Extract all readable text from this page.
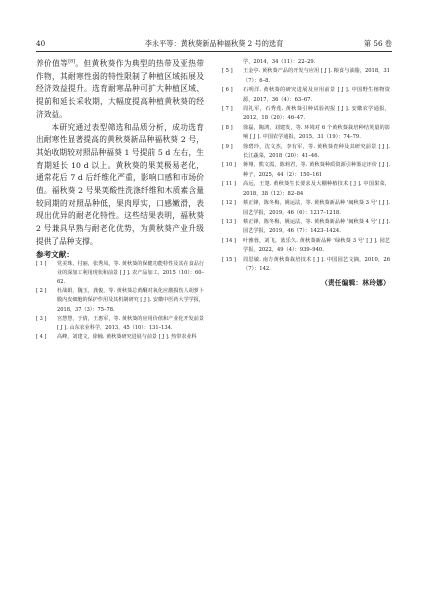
40	李永平等：黄秋葵新品种福秋葵 2 号的选育	第 56 卷

养价值等[8]。但黄秋葵作为典型的热带及亚热带作物，其耐寒性弱的特性限制了种植区域拓展及经济效益提升。选育耐寒品种可扩大种植区域、提前和延长采收期，大幅度提高种植黄秋葵的经济效益。

本研究通过表型筛选和品质分析，成功选育出耐寒性显著提高的黄秋葵新品种福秋葵 2 号，其始收期较对照品种福葵 1 号提前 5 d 左右，生育期延长 10 d 以上。黄秋葵的果荚极易老化，通常花后 7 d 后纤维化严重，影响口感和市场价值。福秋葵 2 号果荚酸性洗涤纤维和木质素含量较同期的对照品种低，果肉厚实，口感嫩滑，表现出优异的耐老化特性。这些结果表明，福秋葵 2 号兼具早熟与耐老化优势，为黄秋葵产业升级提供了品种支撑。

参考文献：

[ 1 ] 党美珠，付丽，张秀凤，等. 黄秋葵的保健功能特性及其在食品行业的深加工利用现状和前景 [ J ]. 农产品加工，2015（10）：60–62.
[ 2 ] 杜战娟，魏玉，龚俊，等. 黄秋葵总黄酮对氧化应激损伤人胡萝卜膜内皮细胞的保护作用及其机制研究 [ J ]. 安徽中医药大学学报，2018，37（3）：75–78.
[ 3 ] 宫慧慧，于倩，王惠军，等. 黄秋葵的应用价值和产业化开发前景 [ J ]. 山东农业科学，2013，45（10）：131–134.
[ 4 ] 高峰，刘建文，徐楠. 黄秋葵研究进展与前景 [ J ]. 热带农业科
学，2014，34（11）：22–29.
[ 5 ] 王金亭. 黄秋葵产品的开发与应用 [ J ]. 粮食与油脂，2018，31（7）：6–8.
[ 6 ] 石明洋. 黄秋葵的研究进展及应用前景 [ J ]. 中国野生植物资源，2017，36（4）：63–67.
[ 7 ] 周礼军，石秀莲. 黄秋葵引种试验初报 [ J ]. 安徽农学通报，2012，18（20）：46–47.
[ 8 ] 徐磊，陶鸿，刘建发，等. 环境对 6 个黄秋葵栽培种结荚量的影响 [ J ]. 中国农学通报，2015，31（19）：74–79.
[ 9 ] 徐碧玲，沈文杰，李有军，等. 黄秋葵育种及其研究前景 [ J ]. 长江蔬菜，2018（20）：41–46.
[ 10 ] 蒋翔，熊文霞，陈莉君，等. 黄秋葵种质资源引种鉴定评价 [ J ]. 种子，2025，44（2）：150–161
[ 11 ] 高远，王楚. 黄秋葵生长要求及大棚种植技术 [ J ]. 中国果菜，2018，38（12）：82–84
[ 12 ] 蔡正锋，陈冬梅，姚运法，等. 黄秋葵新品种 '闽秋葵 3 号' [ J ]. 园艺学报，2019，46（6）：1217–1218.
[ 13 ] 蔡正锋，陈冬梅，姚运法，等. 黄秋葵新品种 '闽秋葵 4 号' [ J ]. 园艺学报，2019，46（7）：1423–1424.
[ 14 ] 叶雅蓉，刘飞，蓝乐久. 黄秋葵新品种 '绿秋葵 3 号' [ J ]. 园艺学报，2022，49（4）：939–940.
[ 15 ] 周思敏. 南方黄秋葵栽培技术 [ J ]. 中国园艺文摘，2010，26（7）：142.
（责任编辑：林玲娜）
